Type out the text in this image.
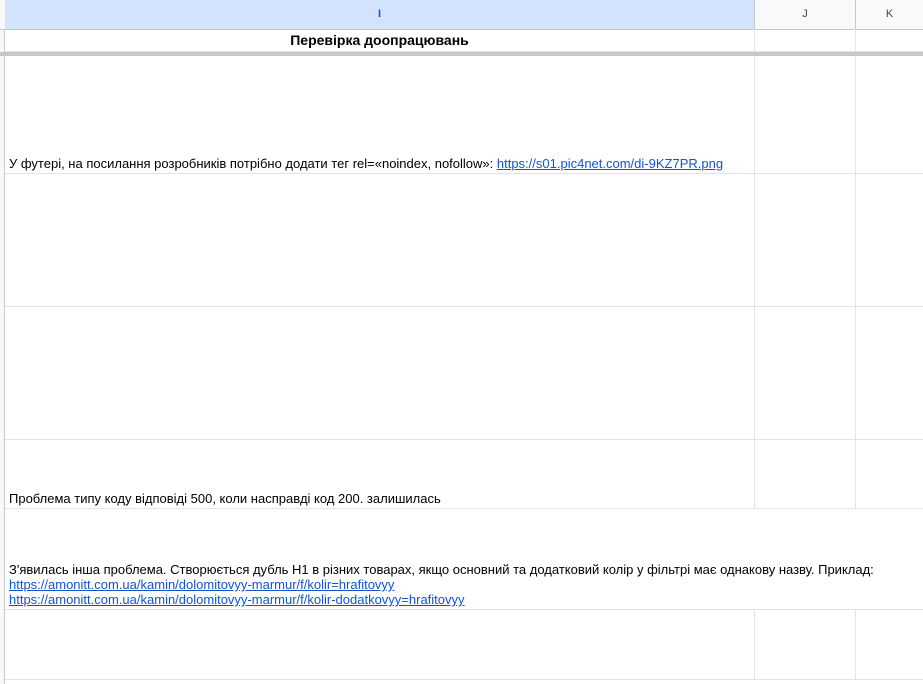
I	J	K
Перевірка доопрацювань
У футері, на посилання розробників потрібно додати тег rel=«noindex, nofollow»: https://s01.pic4net.com/di-9KZ7PR.png
Проблема типу коду відповіді 500, коли насправді код 200. залишилась
З'явилась інша проблема. Створюється дубль Н1 в різних товарах, якщо основний та додатковий колір у фільтрі має однакову назву. Приклад:
https://amonitt.com.ua/kamin/dolomitovyy-marmur/f/kolir=hrafitovyy
https://amonitt.com.ua/kamin/dolomitovyy-marmur/f/kolir-dodatkovyy=hrafitovyy
